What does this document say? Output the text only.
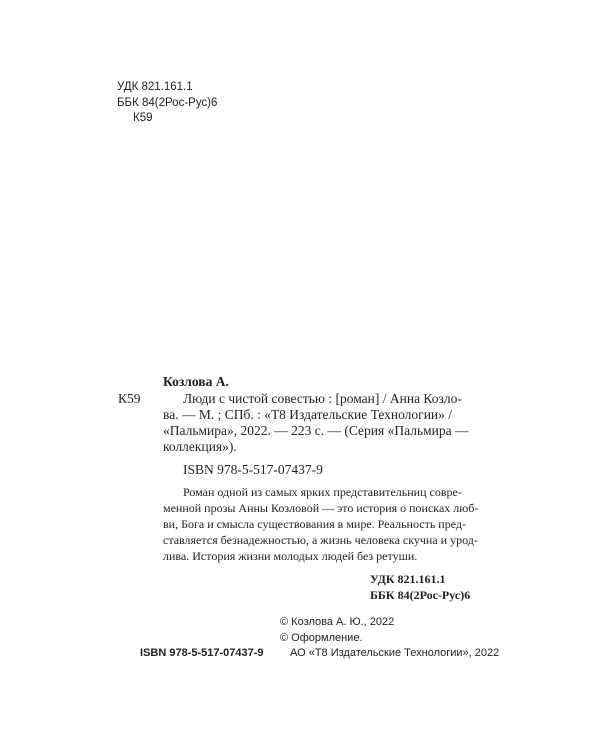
УДК 821.161.1
ББК 84(2Рос-Рус)6
К59
Козлова А.
К59	Люди с чистой совестью : [роман] / Анна Козло-
ва. — М. ; СПб. : «Т8 Издательские Технологии» /
«Пальмира», 2022. — 223 с. — (Серия «Пальмира —
коллекция»).
ISBN 978-5-517-07437-9
Роман одной из самых ярких представительниц совре-
менной прозы Анны Козловой — это история о поисках люб-
ви, Бога и смысла существования в мире. Реальность пред-
ставляется безнадежностью, а жизнь человека скучна и урод-
лива. История жизни молодых людей без ретуши.
УДК 821.161.1
ББК 84(2Рос-Рус)6
ISBN 978-5-517-07437-9
© Козлова А. Ю., 2022
© Оформление.
АО «Т8 Издательские Технологии», 2022
